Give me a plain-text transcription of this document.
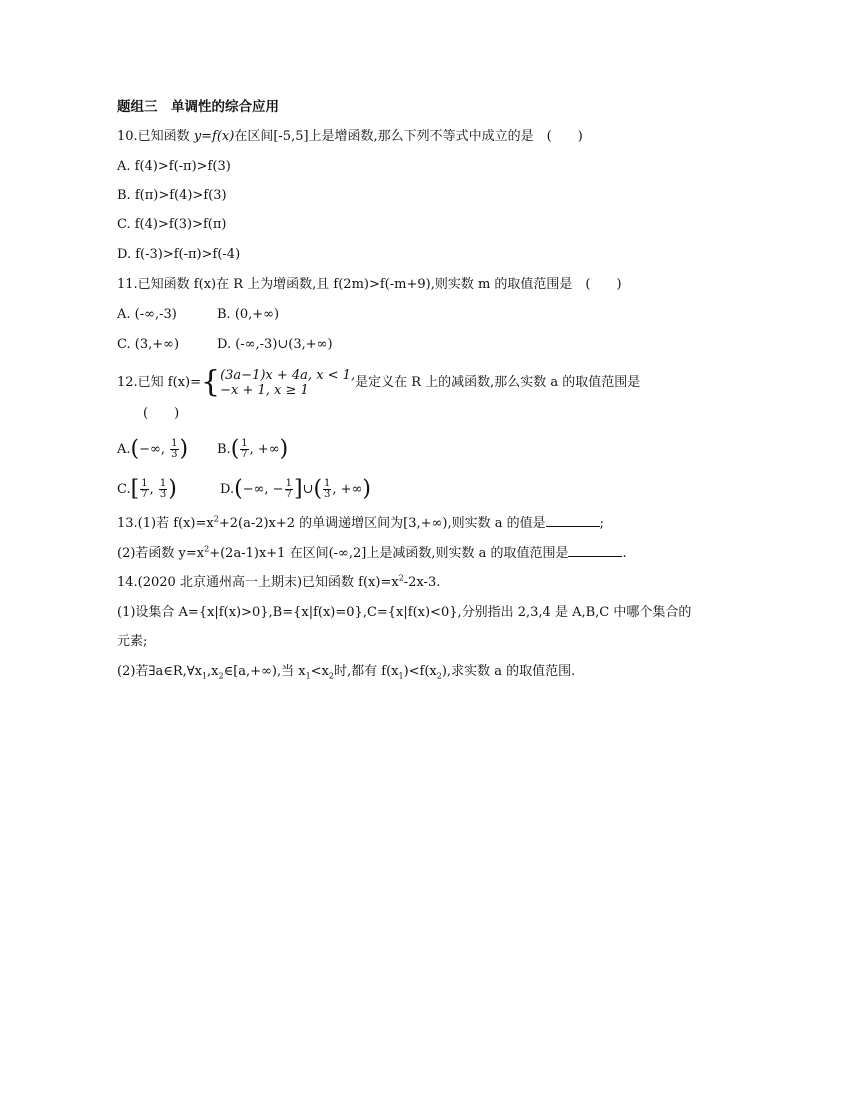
题组三　单调性的综合应用
10.已知函数 y=f(x)在区间[-5,5]上是增函数,那么下列不等式中成立的是　(　　)
A. f(4)>f(-π)>f(3)
B. f(π)>f(4)>f(3)
C. f(4)>f(3)>f(π)
D. f(-3)>f(-π)>f(-4)
11.已知函数 f(x)在 R 上为增函数,且 f(2m)>f(-m+9),则实数 m 的取值范围是　(　　)
A. (-∞,-3)	B. (0,+∞)
C. (3,+∞)	D. (-∞,-3)∪(3,+∞)
12.已知 f(x)={ (3a−1)x + 4a, x < 1,
−x + 1, x ≥ 1	是定义在 R 上的减函数,那么实数 a 的取值范围是
(　　)
A.(−∞, $\frac{1}{3}$ ) $B.( \frac{1}{7}$ , +∞)
$C.[ \frac{1}{7}$ , $\frac{1}{3}$ )	D.(−∞, − $\frac{1}{7}$ ]∪( $\frac{1}{3}$ , +∞)
13.(1)若 $f(x)=x^2+2(a-2)x+2$ 的单调递增区间为[3,+∞),则实数 a 的值是	;
(2)若函数 $y=x^2+(2a-1)x+1$ 在区间(-∞,2]上是减函数,则实数 a 的取值范围是	.
14.(2020 北京通州高一上期末)已知函数 $f(x)=x^2-2x-3$.
(1)设集合 A={x|f(x)>0},B={x|f(x)=0},C={x|f(x)<0},分别指出 2,3,4 是 A,B,C 中哪个集合的
元素;
(2)若$\exists a\in R,\forall x_1,x_2\in[a,+\infty)$,当 $x_1<x_2$时,都有 $f(x_1)<f(x_2)$,求实数 a 的取值范围.
